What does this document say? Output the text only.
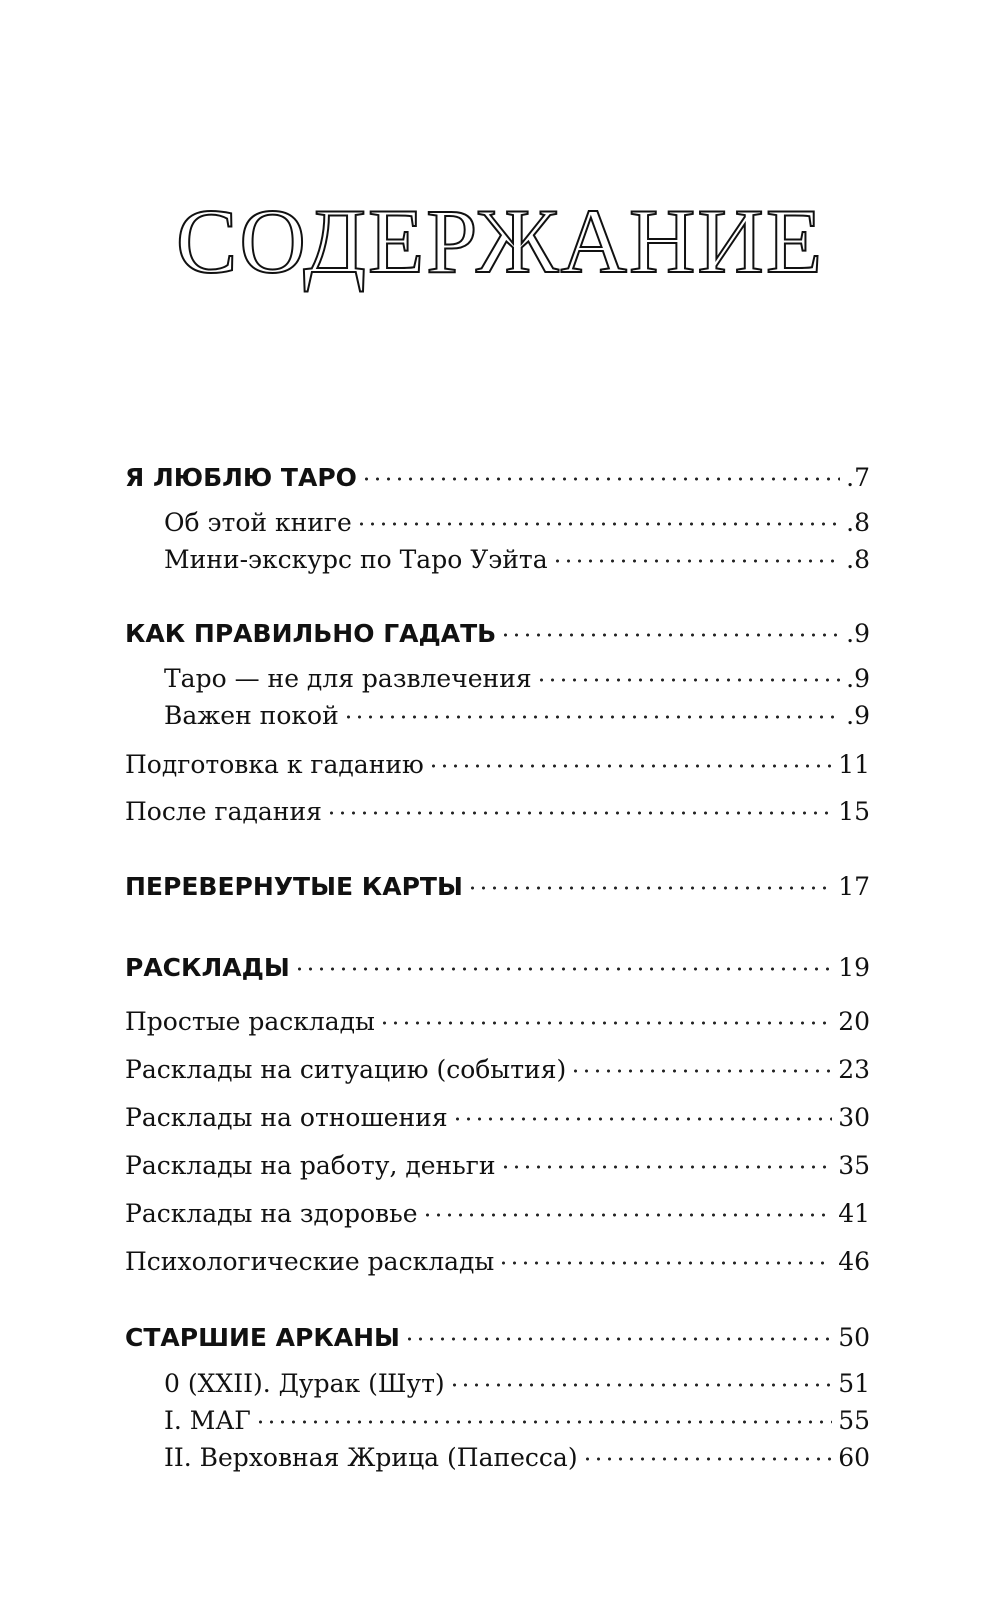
СОДЕРЖАНИЕ
Я ЛЮБЛЮ ТАРО	.7
Об этой книге	.8
Мини-экскурс по Таро Уэйта	.8
КАК ПРАВИЛЬНО ГАДАТЬ	.9
Таро — не для развлечения	.9
Важен покой	.9
Подготовка к гаданию	11
После гадания	15
ПЕРЕВЕРНУТЫЕ КАРТЫ	17
РАСКЛАДЫ	19
Простые расклады	20
Расклады на ситуацию (события)	23
Расклады на отношения	30
Расклады на работу, деньги	35
Расклады на здоровье	41
Психологические расклады	46
СТАРШИЕ АРКАНЫ	50
0 (XXII). Дурак (Шут)	51
I. МАГ	55
II. Верховная Жрица (Папесса)	60
